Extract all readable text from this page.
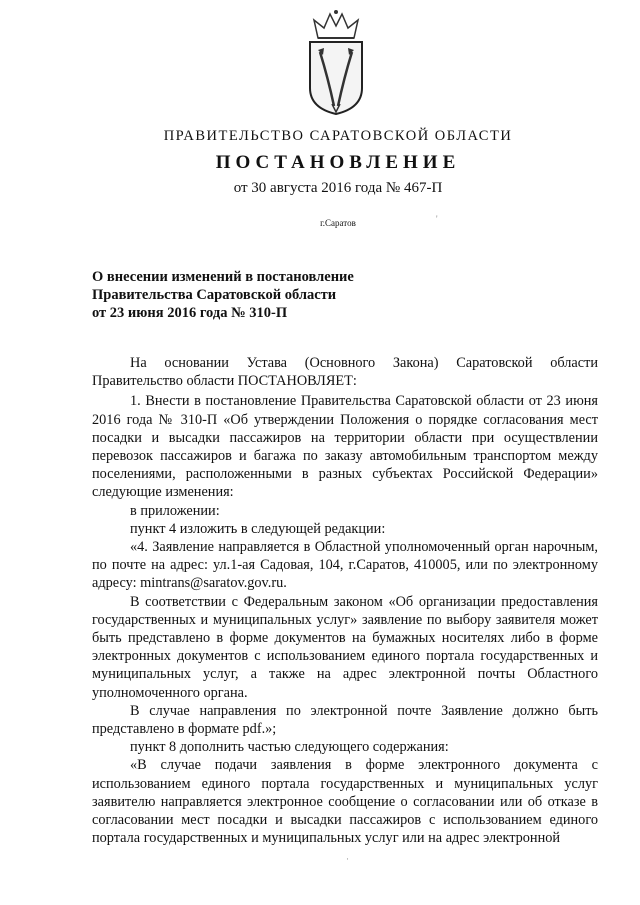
ПРАВИТЕЛЬСТВО САРАТОВСКОЙ ОБЛАСТИ
ПОСТАНОВЛЕНИЕ
от 30 августа 2016 года № 467-П
г.Саратов
О внесении изменений в постановление
Правительства Саратовской области
от 23 июня 2016 года № 310-П

На основании Устава (Основного Закона) Саратовской области Правительство области ПОСТАНОВЛЯЕТ:

1. Внести в постановление Правительства Саратовской области от 23 июня 2016 года № 310-П «Об утверждении Положения о порядке согласования мест посадки и высадки пассажиров на территории области при осуществлении перевозок пассажиров и багажа по заказу автомобильным транспортом между поселениями, расположенными в разных субъектах Российской Федерации» следующие изменения:

в приложении:

пункт 4 изложить в следующей редакции:

«4. Заявление направляется в Областной уполномоченный орган нарочным, по почте на адрес: ул.1-ая Садовая, 104, г.Саратов, 410005, или по электронному адресу: mintrans@saratov.gov.ru.

В соответствии с Федеральным законом «Об организации предоставления государственных и муниципальных услуг» заявление по выбору заявителя может быть представлено в форме документов на бумажных носителях либо в форме электронных документов с использованием единого портала государственных и муниципальных услуг, а также на адрес электронной почты Областного уполномоченного органа.

В случае направления по электронной почте Заявление должно быть представлено в формате pdf.»;

пункт 8 дополнить частью следующего содержания:

«В случае подачи заявления в форме электронного документа с использованием единого портала государственных и муниципальных услуг заявителю направляется электронное сообщение о согласовании или об отказе в согласовании мест посадки и высадки пассажиров с использованием единого портала государственных и муниципальных услуг или на адрес электронной

'
·
